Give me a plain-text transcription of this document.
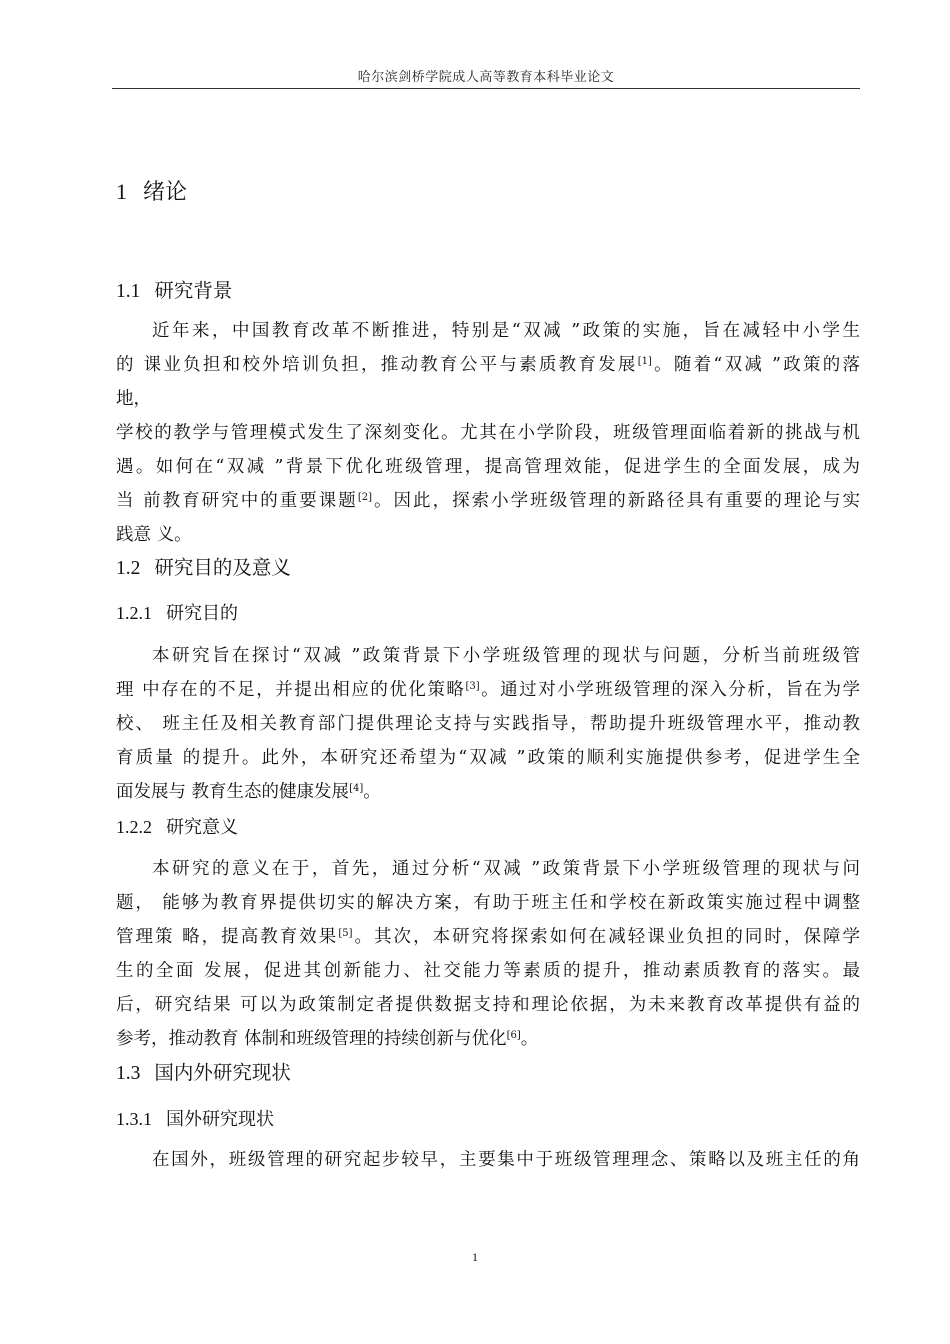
哈尔滨剑桥学院成人高等教育本科毕业论文
1 绪论
1.1 研究背景
近年来，中国教育改革不断推进，特别是“双减 ”政策的实施，旨在减轻中小学生
的 课业负担和校外培训负担，推动教育公平与素质教育发展[1]。随着“双减 ”政策的落
地，
学校的教学与管理模式发生了深刻变化。尤其在小学阶段，班级管理面临着新的挑战与机
遇。如何在“双减 ”背景下优化班级管理，提高管理效能，促进学生的全面发展，成为
当 前教育研究中的重要课题[2]。因此，探索小学班级管理的新路径具有重要的理论与实
践意 义。
1.2 研究目的及意义
1.2.1 研究目的
本研究旨在探讨“双减 ”政策背景下小学班级管理的现状与问题，分析当前班级管
理 中存在的不足，并提出相应的优化策略[3]。通过对小学班级管理的深入分析，旨在为学
校、 班主任及相关教育部门提供理论支持与实践指导，帮助提升班级管理水平，推动教
育质量 的提升。此外，本研究还希望为“双减 ”政策的顺利实施提供参考，促进学生全
面发展与 教育生态的健康发展[4]。
1.2.2 研究意义
本研究的意义在于，首先，通过分析“双减 ”政策背景下小学班级管理的现状与问
题， 能够为教育界提供切实的解决方案，有助于班主任和学校在新政策实施过程中调整
管理策 略，提高教育效果[5]。其次，本研究将探索如何在减轻课业负担的同时，保障学
生的全面 发展，促进其创新能力、社交能力等素质的提升，推动素质教育的落实。最
后，研究结果 可以为政策制定者提供数据支持和理论依据，为未来教育改革提供有益的
参考，推动教育 体制和班级管理的持续创新与优化[6]。
1.3 国内外研究现状
1.3.1 国外研究现状
在国外，班级管理的研究起步较早，主要集中于班级管理理念、策略以及班主任的角
1
